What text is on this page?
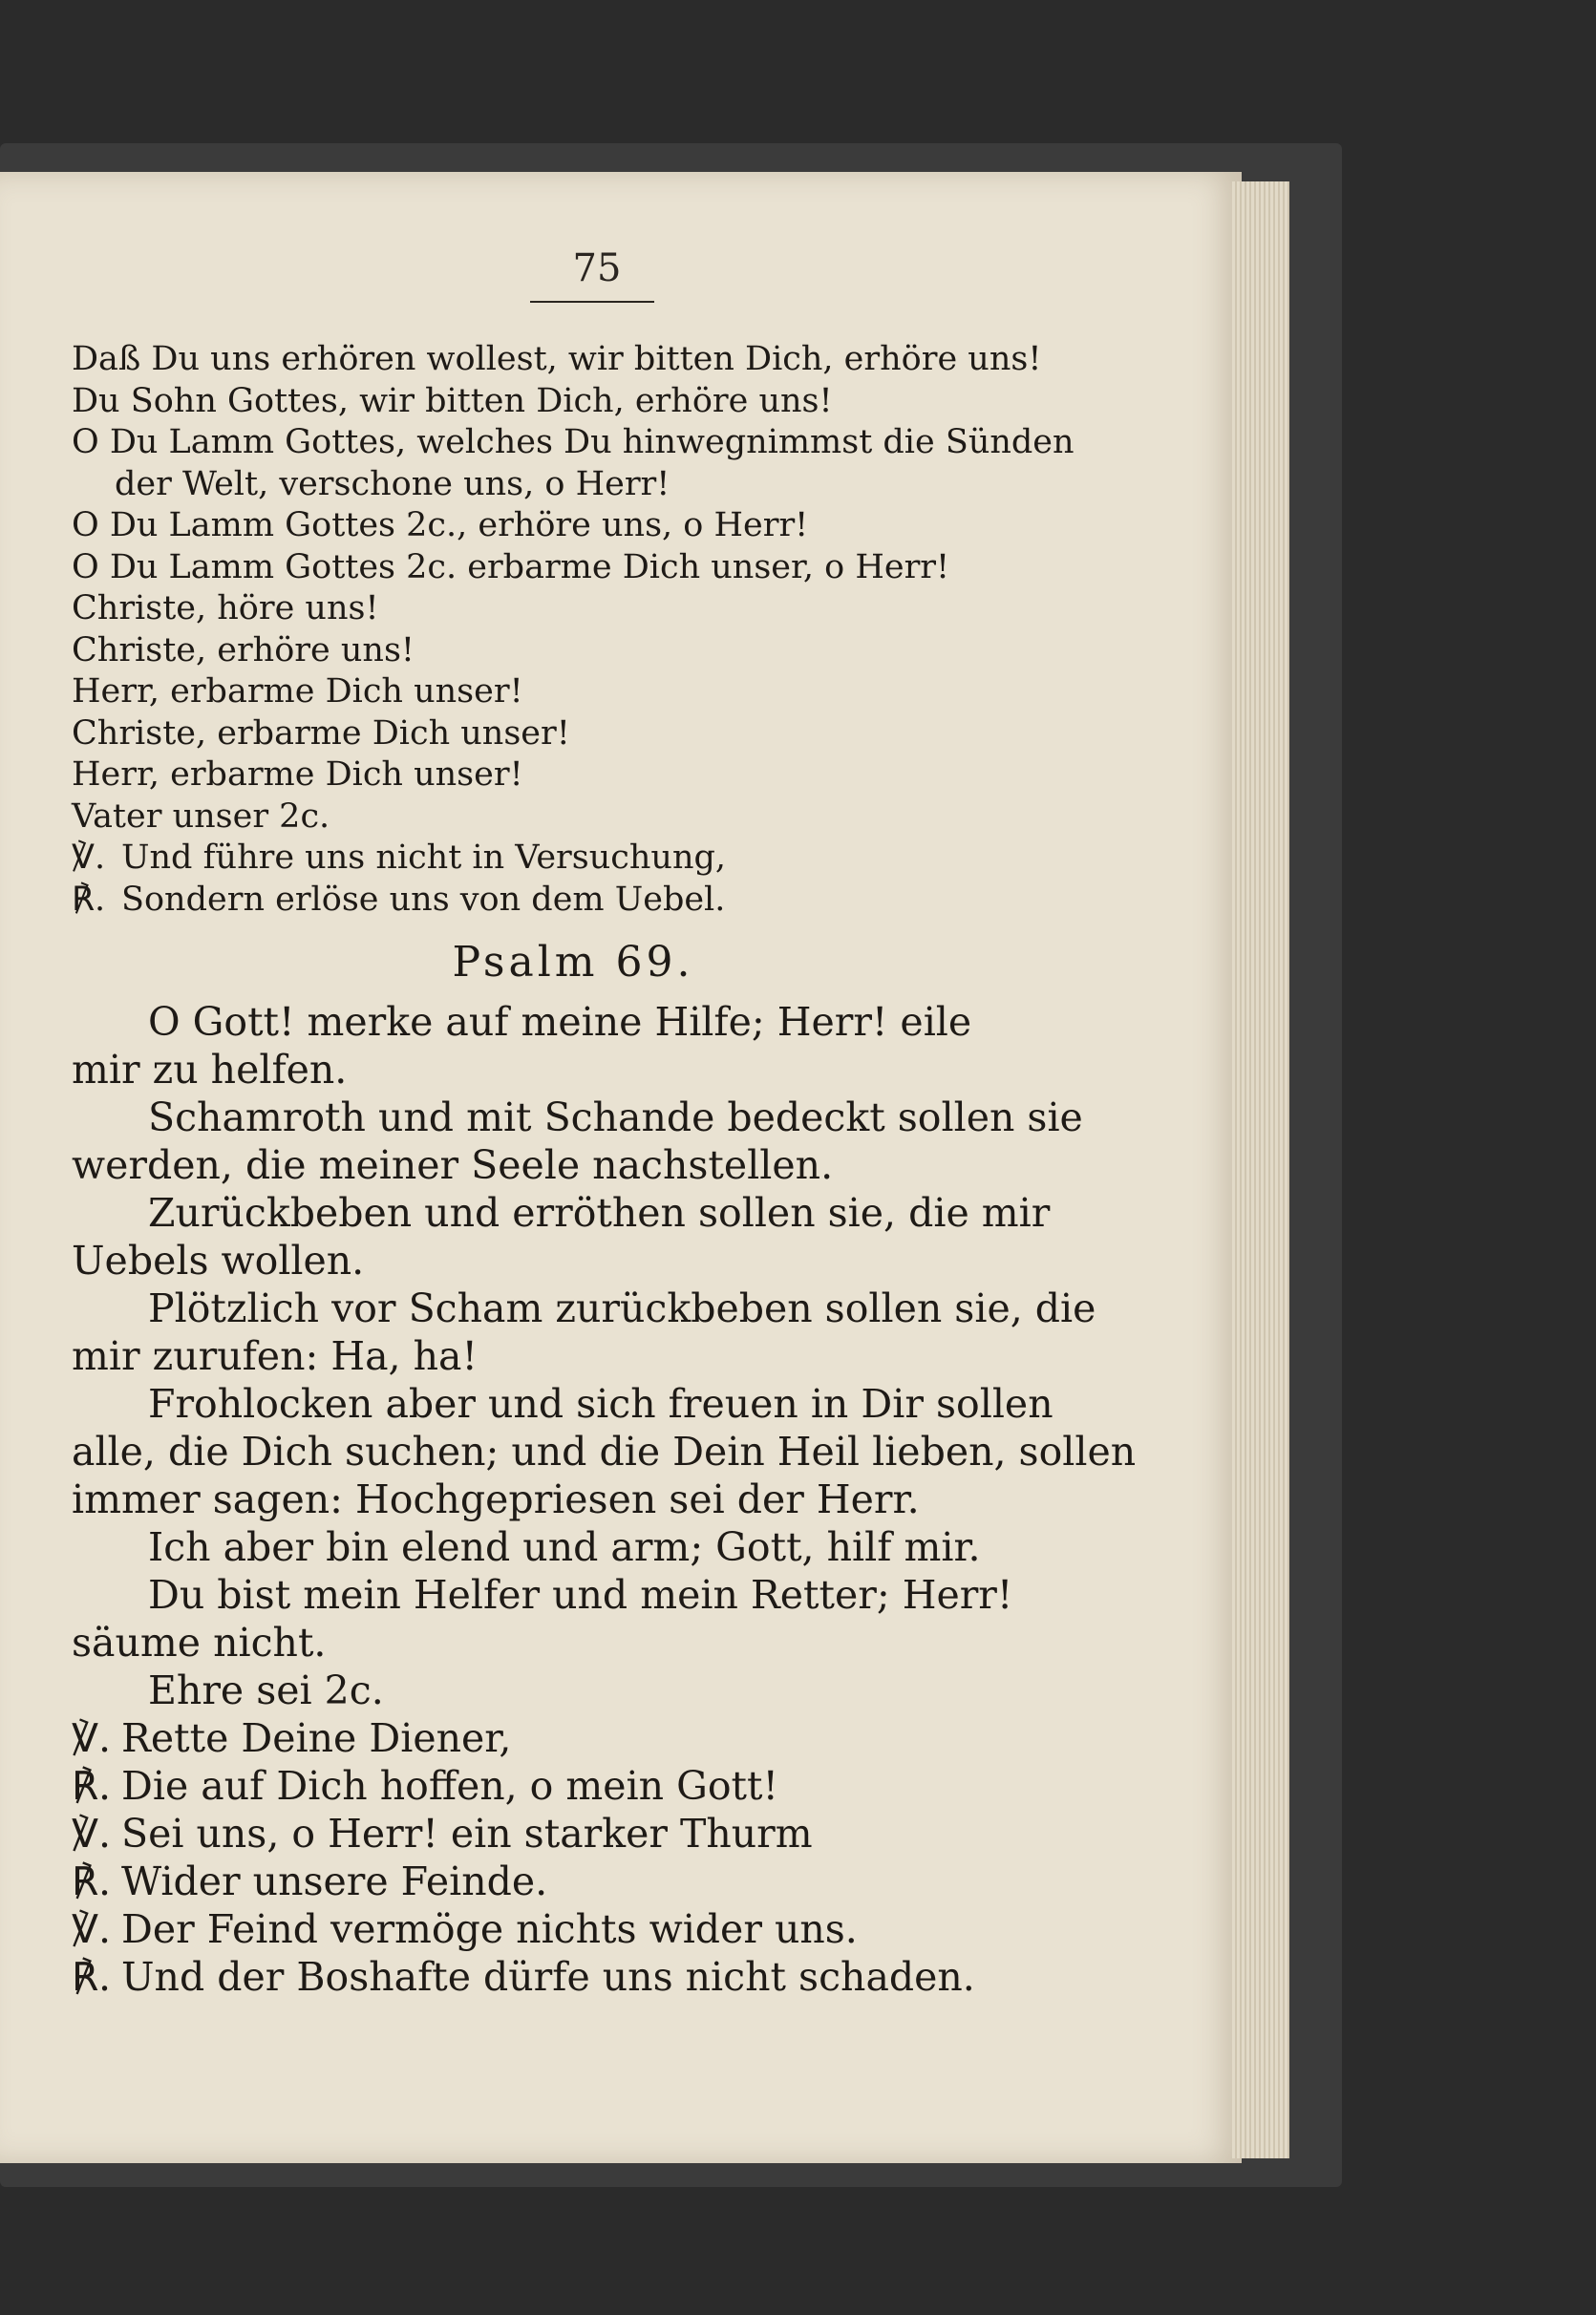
75
Daß Du uns erhören wollest, wir bitten Dich, erhöre uns!
Du Sohn Gottes, wir bitten Dich, erhöre uns!
O Du Lamm Gottes, welches Du hinwegnimmst die Sünden
der Welt, verschone uns, o Herr!
O Du Lamm Gottes 2c., erhöre uns, o Herr!
O Du Lamm Gottes 2c. erbarme Dich unser, o Herr!
Christe, höre uns!
Christe, erhöre uns!
Herr, erbarme Dich unser!
Christe, erbarme Dich unser!
Herr, erbarme Dich unser!
Vater unser 2c.
℣. Und führe uns nicht in Versuchung,
℟. Sondern erlöse uns von dem Uebel.
Psalm 69.
O Gott! merke auf meine Hilfe; Herr! eile
mir zu helfen.
Schamroth und mit Schande bedeckt sollen sie
werden, die meiner Seele nachstellen.
Zurückbeben und erröthen sollen sie, die mir
Uebels wollen.
Plötzlich vor Scham zurückbeben sollen sie, die
mir zurufen: Ha, ha!
Frohlocken aber und sich freuen in Dir sollen
alle, die Dich suchen; und die Dein Heil lieben, sollen
immer sagen: Hochgepriesen sei der Herr.
Ich aber bin elend und arm; Gott, hilf mir.
Du bist mein Helfer und mein Retter; Herr!
säume nicht.
Ehre sei 2c.
℣. Rette Deine Diener,
℟. Die auf Dich hoffen, o mein Gott!
℣. Sei uns, o Herr! ein starker Thurm
℟. Wider unsere Feinde.
℣. Der Feind vermöge nichts wider uns.
℟. Und der Boshafte dürfe uns nicht schaden.
